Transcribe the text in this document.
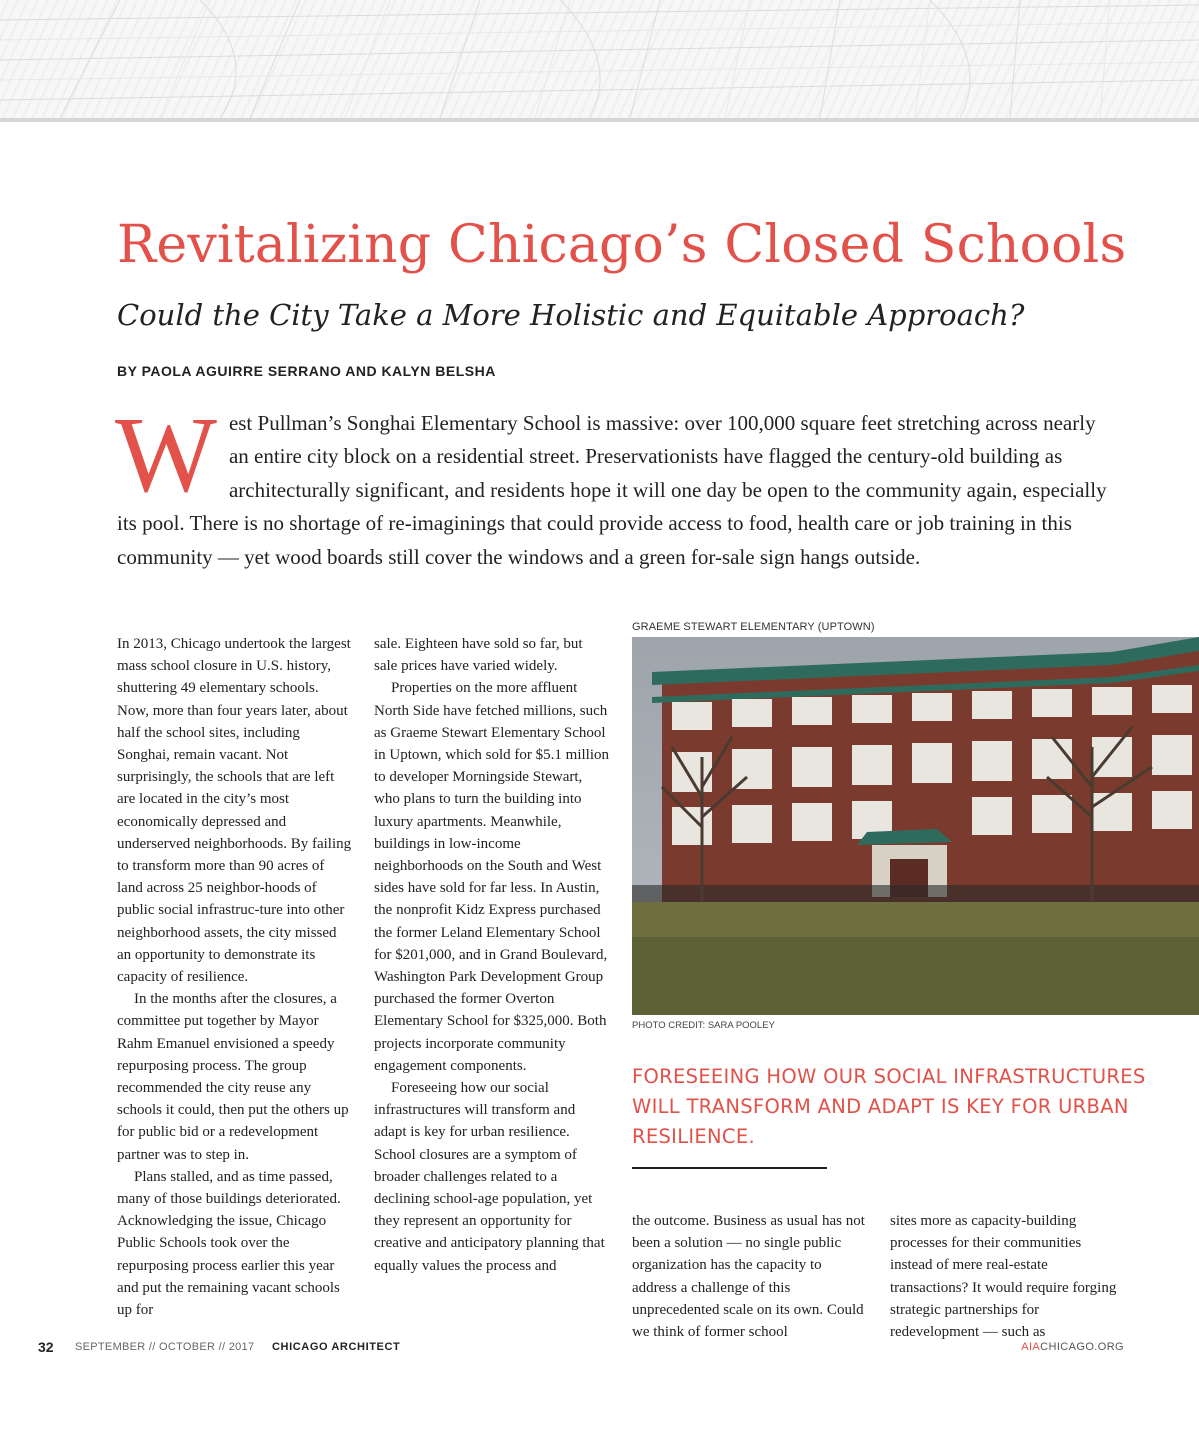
Revitalizing Chicago’s Closed Schools
Could the City Take a More Holistic and Equitable Approach?
BY PAOLA AGUIRRE SERRANO AND KALYN BELSHA

West Pullman’s Songhai Elementary School is massive: over 100,000 square feet stretching across nearly an entire city block on a residential street. Preservationists have flagged the century-old building as architecturally significant, and residents hope it will one day be open to the community again, especially its pool. There is no shortage of re-imaginings that could provide access to food, health care or job training in this community — yet wood boards still cover the windows and a green for-sale sign hangs outside.

In 2013, Chicago undertook the largest mass school closure in U.S. history, shuttering 49 elementary schools. Now, more than four years later, about half the school sites, including Songhai, remain vacant. Not surprisingly, the schools that are left are located in the city’s most economically depressed and underserved neighborhoods. By failing to transform more than 90 acres of land across 25 neighbor-hoods of public social infrastruc-ture into other neighborhood assets, the city missed an opportunity to demonstrate its capacity of resilience.

In the months after the closures, a committee put together by Mayor Rahm Emanuel envisioned a speedy repurposing process. The group recommended the city reuse any schools it could, then put the others up for public bid or a redevelopment partner was to step in.

Plans stalled, and as time passed, many of those buildings deteriorated. Acknowledging the issue, Chicago Public Schools took over the repurposing process earlier this year and put the remaining vacant schools up for

sale. Eighteen have sold so far, but sale prices have varied widely.

Properties on the more affluent North Side have fetched millions, such as Graeme Stewart Elementary School in Uptown, which sold for $5.1 million to developer Morningside Stewart, who plans to turn the building into luxury apartments. Meanwhile, buildings in low-income neighborhoods on the South and West sides have sold for far less. In Austin, the nonprofit Kidz Express purchased the former Leland Elementary School for $201,000, and in Grand Boulevard, Washington Park Development Group purchased the former Overton Elementary School for $325,000. Both projects incorporate community engagement components.

Foreseeing how our social infrastructures will transform and adapt is key for urban resilience. School closures are a symptom of broader challenges related to a declining school-age population, yet they represent an opportunity for creative and anticipatory planning that equally values the process and

GRAEME STEWART ELEMENTARY (UPTOWN)
PHOTO CREDIT: SARA POOLEY

FORESEEING HOW OUR SOCIAL INFRASTRUCTURES WILL TRANSFORM AND ADAPT IS KEY FOR URBAN RESILIENCE.

the outcome. Business as usual has not been a solution — no single public organization has the capacity to address a challenge of this unprecedented scale on its own. Could we think of former school

sites more as capacity-building processes for their communities instead of mere real-estate transactions? It would require forging strategic partnerships for redevelopment — such as

32 SEPTEMBER // OCTOBER // 2017 CHICAGO ARCHITECT	AIACHICAGO.ORG
